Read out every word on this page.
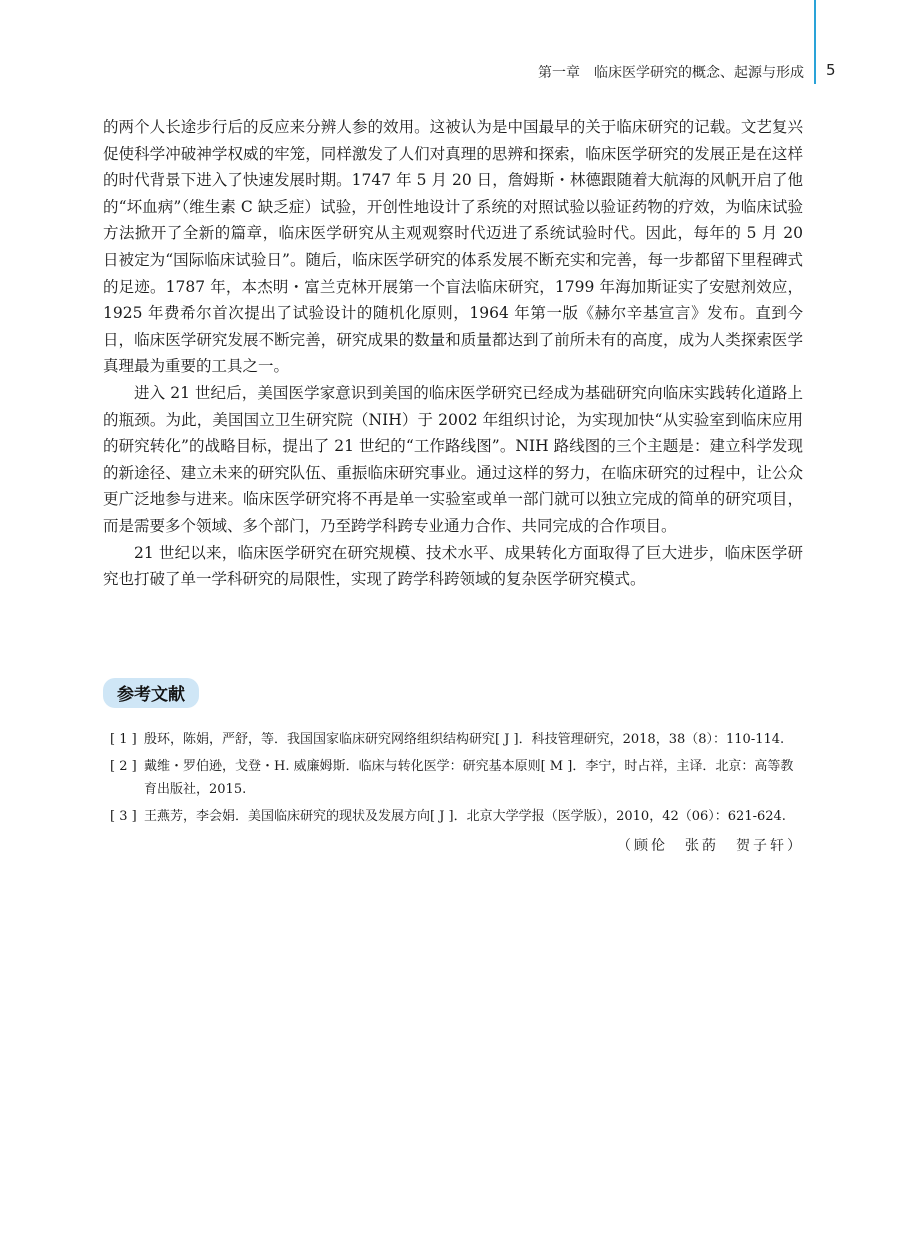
第一章　临床医学研究的概念、起源与形成 5

的两个人长途步行后的反应来分辨人参的效用。这被认为是中国最早的关于临床研究的记载。文艺复兴促使科学冲破神学权威的牢笼，同样激发了人们对真理的思辨和探索，临床医学研究的发展正是在这样的时代背景下进入了快速发展时期。1747 年 5 月 20 日，詹姆斯・林德跟随着大航海的风帆开启了他的“坏血病”（维生素 C 缺乏症）试验，开创性地设计了系统的对照试验以验证药物的疗效，为临床试验方法掀开了全新的篇章，临床医学研究从主观观察时代迈进了系统试验时代。因此，每年的 5 月 20 日被定为“国际临床试验日”。随后，临床医学研究的体系发展不断充实和完善，每一步都留下里程碑式的足迹。1787 年，本杰明・富兰克林开展第一个盲法临床研究，1799 年海加斯证实了安慰剂效应，1925 年费希尔首次提出了试验设计的随机化原则，1964 年第一版《赫尔辛基宣言》发布。直到今日，临床医学研究发展不断完善，研究成果的数量和质量都达到了前所未有的高度，成为人类探索医学真理最为重要的工具之一。

进入 21 世纪后，美国医学家意识到美国的临床医学研究已经成为基础研究向临床实践转化道路上的瓶颈。为此，美国国立卫生研究院（NIH）于 2002 年组织讨论，为实现加快“从实验室到临床应用的研究转化”的战略目标，提出了 21 世纪的“工作路线图”。NIH 路线图的三个主题是：建立科学发现的新途径、建立未来的研究队伍、重振临床研究事业。通过这样的努力，在临床研究的过程中，让公众更广泛地参与进来。临床医学研究将不再是单一实验室或单一部门就可以独立完成的简单的研究项目，而是需要多个领域、多个部门，乃至跨学科跨专业通力合作、共同完成的合作项目。

21 世纪以来，临床医学研究在研究规模、技术水平、成果转化方面取得了巨大进步，临床医学研究也打破了单一学科研究的局限性，实现了跨学科跨领域的复杂医学研究模式。

参考文献
[ 1 ] 殷环，陈娟，严舒，等．我国国家临床研究网络组织结构研究[ J ]．科技管理研究，2018，38（8）：110-114.
[ 2 ] 戴维・罗伯逊，戈登・H. 威廉姆斯．临床与转化医学：研究基本原则[ M ]．李宁，时占祥，主译．北京：高等教育出版社，2015.
[ 3 ] 王燕芳，李会娟．美国临床研究的现状及发展方向[ J ]．北京大学学报（医学版），2010，42（06）：621-624.
（顾伦　张菂　贺子轩）
